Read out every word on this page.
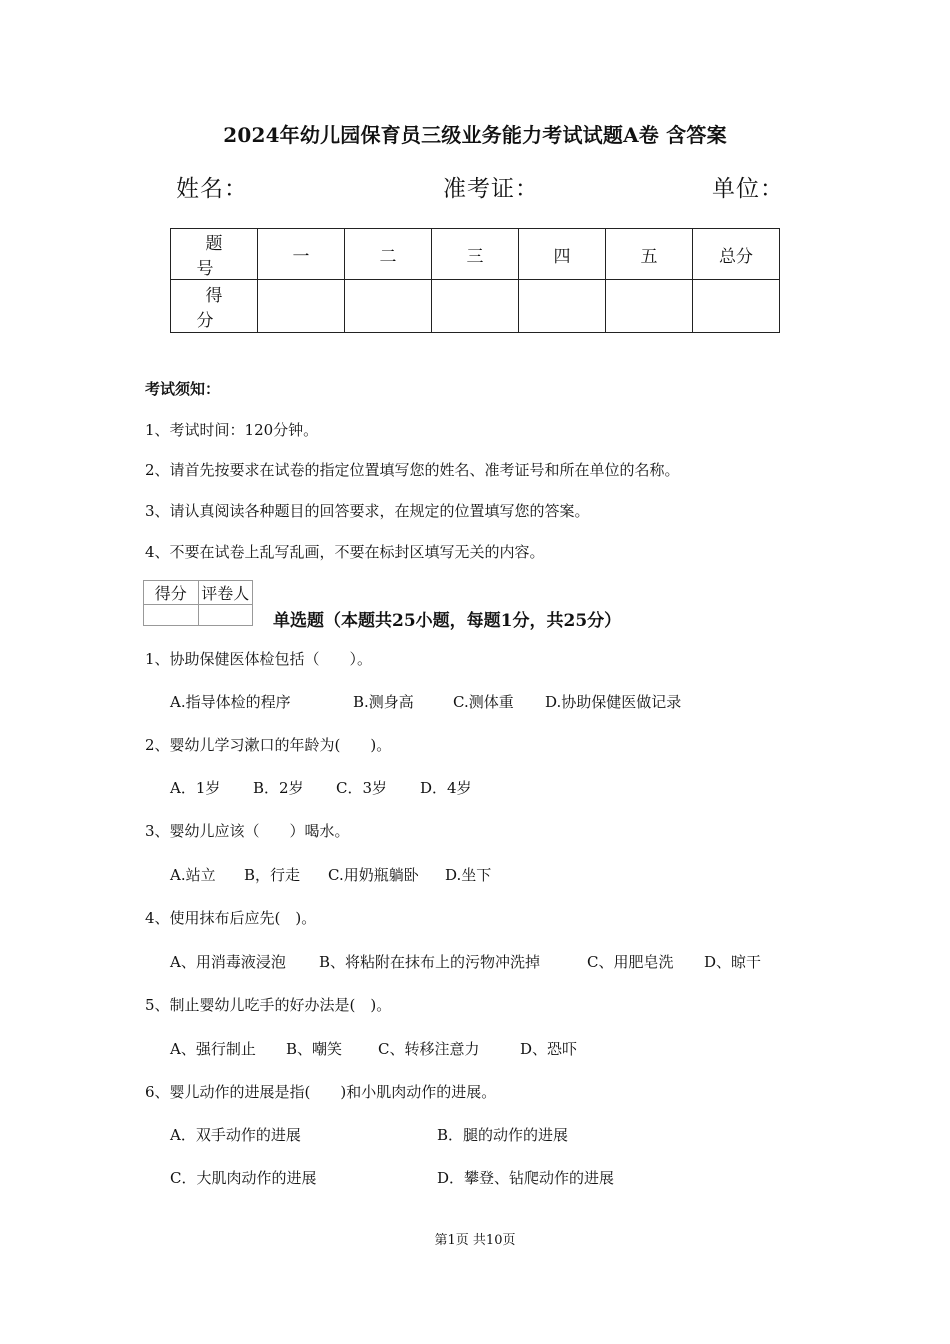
2024年幼儿园保育员三级业务能力考试试题A卷 含答案
姓名：	准考证：	单位：
题号	一	二	三	四	五	总分
得分						
考试须知：
1、考试时间：120分钟。
2、请首先按要求在试卷的指定位置填写您的姓名、准考证号和所在单位的名称。
3、请认真阅读各种题目的回答要求，在规定的位置填写您的答案。
4、不要在试卷上乱写乱画，不要在标封区填写无关的内容。
得分	评卷人

单选题（本题共25小题，每题1分，共25分）
1、协助保健医体检包括（　　）。
A.指导体检的程序	B.测身高	C.测体重 D.协助保健医做记录
2、婴幼儿学习漱口的年龄为(　　)。
A．1岁 B．2岁 C．3岁 D．4岁
3、婴幼儿应该（　　）喝水。
A.站立 B，行走 C.用奶瓶躺卧 D.坐下
4、使用抹布后应先(　)。
A、用消毒液浸泡 B、将粘附在抹布上的污物冲洗掉	C、用肥皂洗 D、晾干
5、制止婴幼儿吃手的好办法是(　)。
A、强行制止 B、嘲笑 C、转移注意力	D、恐吓
6、婴儿动作的进展是指(　　)和小肌肉动作的进展。
A．双手动作的进展	B．腿的动作的进展
C．大肌肉动作的进展	D．攀登、钻爬动作的进展
第1页 共10页
